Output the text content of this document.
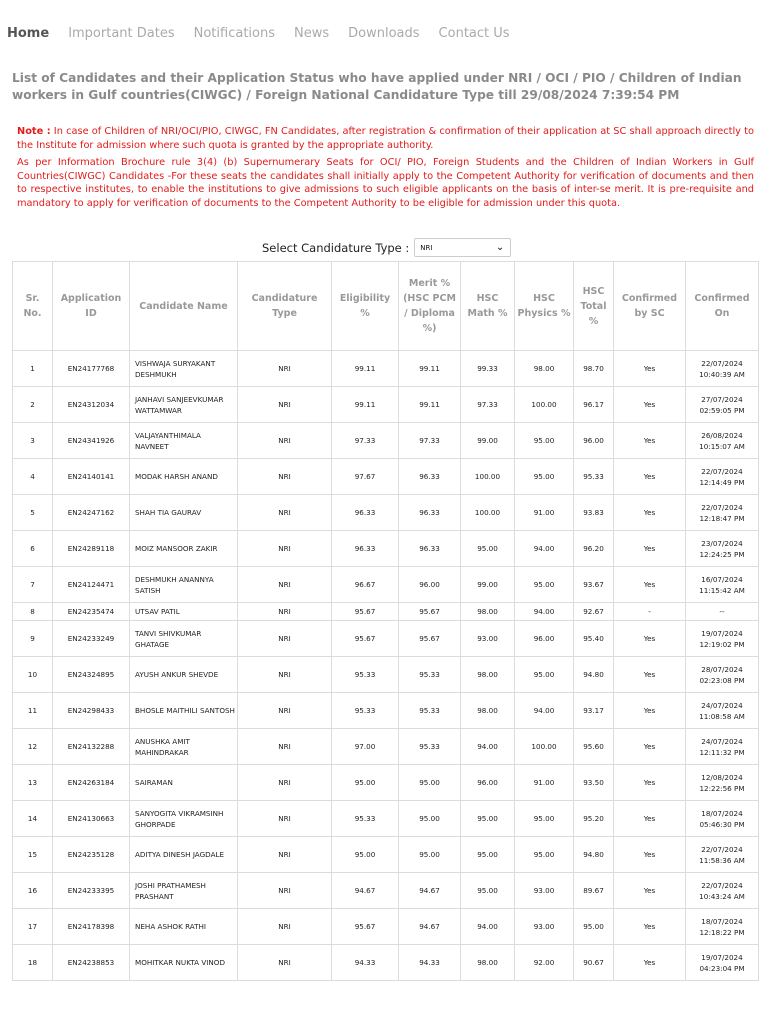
Home Important Dates Notifications News Downloads Contact Us
List of Candidates and their Application Status who have applied under NRI / OCI / PIO / Children of Indian workers in Gulf countries(CIWGC) / Foreign National Candidature Type till 29/08/2024 7:39:54 PM

Note : In case of Children of NRI/OCI/PIO, CIWGC, FN Candidates, after registration & confirmation of their application at SC shall approach directly to the Institute for admission where such quota is granted by the appropriate authority.

As per Information Brochure rule 3(4) (b) Supernumerary Seats for OCI/ PIO, Foreign Students and the Children of Indian Workers in Gulf Countries(CIWGC) Candidates -For these seats the candidates shall initially apply to the Competent Authority for verification of documents and then to respective institutes, to enable the institutions to give admissions to such eligible applicants on the basis of inter-se merit. It is pre-requisite and mandatory to apply for verification of documents to the Competent Authority to be eligible for admission under this quota.

Select Candidature Type : NRI	⌄
Sr. No.	Application ID	Candidate Name	Candidature Type	Eligibility %	Merit % (HSC PCM / Diploma %)	HSC Math %	HSC Physics %	HSC Total %	Confirmed by SC	Confirmed On
1	EN24177768	VISHWAJA SURYAKANT DESHMUKH	NRI	99.11	99.11	99.33	98.00	98.70	Yes	22/07/2024
10:40:39 AM

2	EN24312034	JANHAVI SANJEEVKUMAR WATTAMWAR	NRI	99.11	99.11	97.33	100.00	96.17	Yes	27/07/2024
02:59:05 PM

3	EN24341926	VALJAYANTHIMALA NAVNEET	NRI	97.33	97.33	99.00	95.00	96.00	Yes	26/08/2024
10:15:07 AM

4	EN24140141	MODAK HARSH ANAND	NRI	97.67	96.33	100.00	95.00	95.33	Yes	22/07/2024
12:14:49 PM

5	EN24247162	SHAH TIA GAURAV	NRI	96.33	96.33	100.00	91.00	93.83	Yes	22/07/2024
12:18:47 PM

6	EN24289118	MOIZ MANSOOR ZAKIR	NRI	96.33	96.33	95.00	94.00	96.20	Yes	23/07/2024
12:24:25 PM

7	EN24124471	DESHMUKH ANANNYA SATISH	NRI	96.67	96.00	99.00	95.00	93.67	Yes	16/07/2024
11:15:42 AM

8	EN24235474	UTSAV PATIL	NRI	95.67	95.67	98.00	94.00	92.67	-	--

9	EN24233249	TANVI SHIVKUMAR GHATAGE	NRI	95.67	95.67	93.00	96.00	95.40	Yes	19/07/2024
12:19:02 PM

10	EN24324895	AYUSH ANKUR SHEVDE	NRI	95.33	95.33	98.00	95.00	94.80	Yes	28/07/2024
02:23:08 PM

11	EN24298433	BHOSLE MAITHILI SANTOSH	NRI	95.33	95.33	98.00	94.00	93.17	Yes	24/07/2024
11:08:58 AM

12	EN24132288	ANUSHKA AMIT MAHINDRAKAR	NRI	97.00	95.33	94.00	100.00	95.60	Yes	24/07/2024
12:11:32 PM

13	EN24263184	SAIRAMAN	NRI	95.00	95.00	96.00	91.00	93.50	Yes	12/08/2024
12:22:56 PM

14	EN24130663	SANYOGITA VIKRAMSINH GHORPADE	NRI	95.33	95.00	95.00	95.00	95.20	Yes	18/07/2024
05:46:30 PM

15	EN24235128	ADITYA DINESH JAGDALE	NRI	95.00	95.00	95.00	95.00	94.80	Yes	22/07/2024
11:58:36 AM

16	EN24233395	JOSHI PRATHAMESH PRASHANT	NRI	94.67	94.67	95.00	93.00	89.67	Yes	22/07/2024
10:43:24 AM

17	EN24178398	NEHA ASHOK RATHI	NRI	95.67	94.67	94.00	93.00	95.00	Yes	18/07/2024
12:18:22 PM

18	EN24238853	MOHITKAR NUKTA VINOD	NRI	94.33	94.33	98.00	92.00	90.67	Yes	19/07/2024
04:23:04 PM
